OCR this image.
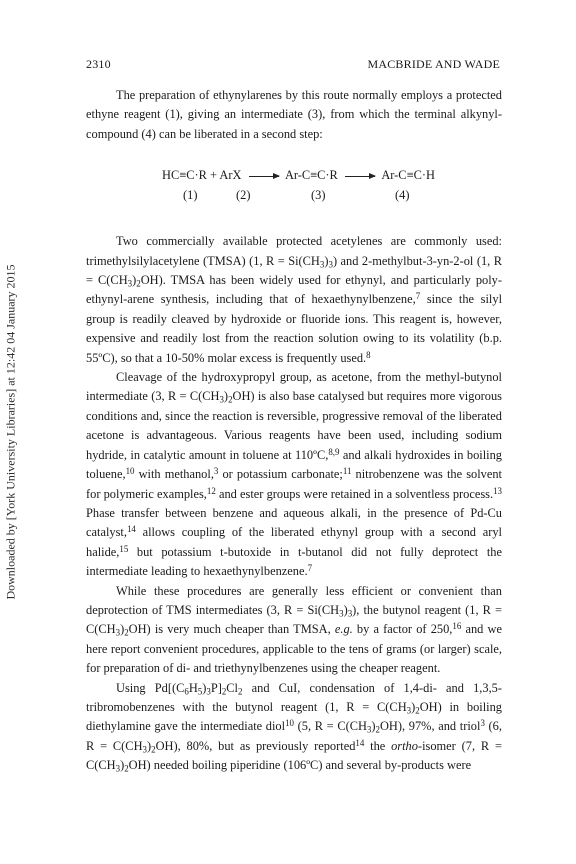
2310	MACBRIDE AND WADE
Downloaded by [York University Libraries] at 12:42 04 January 2015

The preparation of ethynylarenes by this route normally employs a protected ethyne reagent (1), giving an intermediate (3), from which the terminal alkynyl-compound (4) can be liberated in a second step:

HC≡C·R + ArX → Ar-C≡C·R → Ar-C≡C·H
(1)	(2)	(3)	(4)

Two commercially available protected acetylenes are commonly used: trimethylsilylacetylene (TMSA) (1, $R = Si(CH_3)_3$) and 2-methylbut-3-yn-2-ol (1, $R = C(CH_3)_2OH$). TMSA has been widely used for ethynyl, and particularly poly-ethynyl-arene synthesis, including that of hexaethynylbenzene,$^7$ since the silyl group is readily cleaved by hydroxide or fluoride ions. This reagent is, however, expensive and readily lost from the reaction solution owing to its volatility (b.p. 55ºC), so that a 10-50% molar excess is frequently used.$^8$

Cleavage of the hydroxypropyl group, as acetone, from the methyl-butynol intermediate (3, $R = C(CH_3)_2OH$) is also base catalysed but requires more vigorous conditions and, since the reaction is reversible, progressive removal of the liberated acetone is advantageous. Various reagents have been used, including sodium hydride, in catalytic amount in toluene at 110ºC,$^{8,9}$ and alkali hydroxides in boiling toluene,$^{10}$ with methanol,$^3$ or potassium carbonate;$^{11}$ nitrobenzene was the solvent for polymeric examples,$^{12}$ and ester groups were retained in a solventless process.$^{13}$ Phase transfer between benzene and aqueous alkali, in the presence of Pd-Cu catalyst,$^{14}$ allows coupling of the liberated ethynyl group with a second aryl halide,$^{15}$ but potassium t-butoxide in t-butanol did not fully deprotect the intermediate leading to hexaethynylbenzene.$^7$

While these procedures are generally less efficient or convenient than deprotection of TMS intermediates (3, $R = Si(CH_3)_3$), the butynol reagent (1, $R = C(CH_3)_2OH$) is very much cheaper than TMSA, e.g. by a factor of 250,16 and we here report convenient procedures, applicable to the tens of grams (or larger) scale, for preparation of di- and triethynylbenzenes using the cheaper reagent.

Using $Pd[(C_6H_5)_3P]_2Cl_2$ and CuI, condensation of 1,4-di- and 1,3,5-tribromobenzenes with the butynol reagent (1, $R = C(CH_3)_2OH$) in boiling diethylamine gave the intermediate diol$^{10}$ (5, $R = C(CH_3)_2OH$), 97%, and triol$^3$ (6, $R = C(CH_3)_2OH$), 80%, but as previously reported$^{14}$ the ortho-isomer (7, $R = C(CH_3)_2OH$) needed boiling piperidine (106ºC) and several by-products were
